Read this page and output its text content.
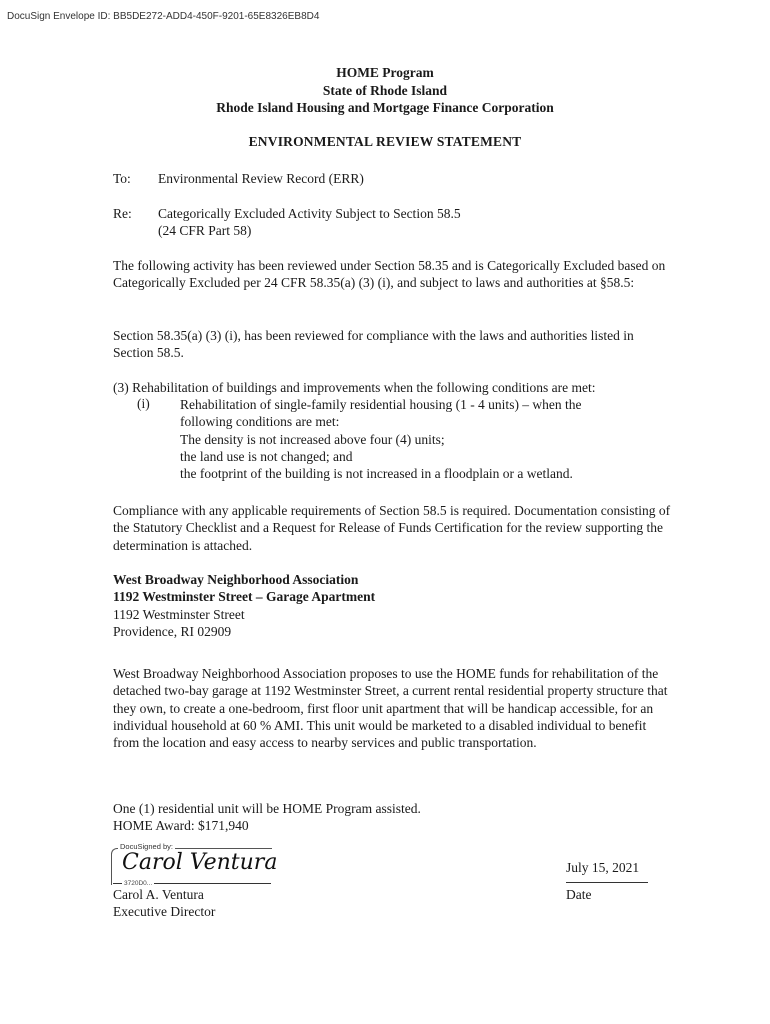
DocuSign Envelope ID: BB5DE272-ADD4-450F-9201-65E8326EB8D4
HOME Program
State of Rhode Island
Rhode Island Housing and Mortgage Finance Corporation
ENVIRONMENTAL REVIEW STATEMENT
To: Environmental Review Record (ERR)
Re: Categorically Excluded Activity Subject to Section 58.5
(24 CFR Part 58)
The following activity has been reviewed under Section 58.35 and is Categorically Excluded based on Categorically Excluded per 24 CFR 58.35(a) (3) (i), and subject to laws and authorities at §58.5:
Section 58.35(a) (3) (i), has been reviewed for compliance with the laws and authorities listed in Section 58.5.
(3) Rehabilitation of buildings and improvements when the following conditions are met:
(i) Rehabilitation of single-family residential housing (1 - 4 units) – when the
following conditions are met:
The density is not increased above four (4) units;
the land use is not changed; and
the footprint of the building is not increased in a floodplain or a wetland.
Compliance with any applicable requirements of Section 58.5 is required. Documentation consisting of the Statutory Checklist and a Request for Release of Funds Certification for the review supporting the determination is attached.
West Broadway Neighborhood Association
1192 Westminster Street – Garage Apartment
1192 Westminster Street
Providence, RI 02909
West Broadway Neighborhood Association proposes to use the HOME funds for rehabilitation of the detached two-bay garage at 1192 Westminster Street, a current rental residential property structure that they own, to create a one-bedroom, first floor unit apartment that will be handicap accessible, for an individual household at 60 % AMI. This unit would be marketed to a disabled individual to benefit from the location and easy access to nearby services and public transportation.
One (1) residential unit will be HOME Program assisted.
HOME Award: $171,940
DocuSigned by:
Carol Ventura
3720D0...
Carol A. Ventura
Executive Director
July 15, 2021
Date
